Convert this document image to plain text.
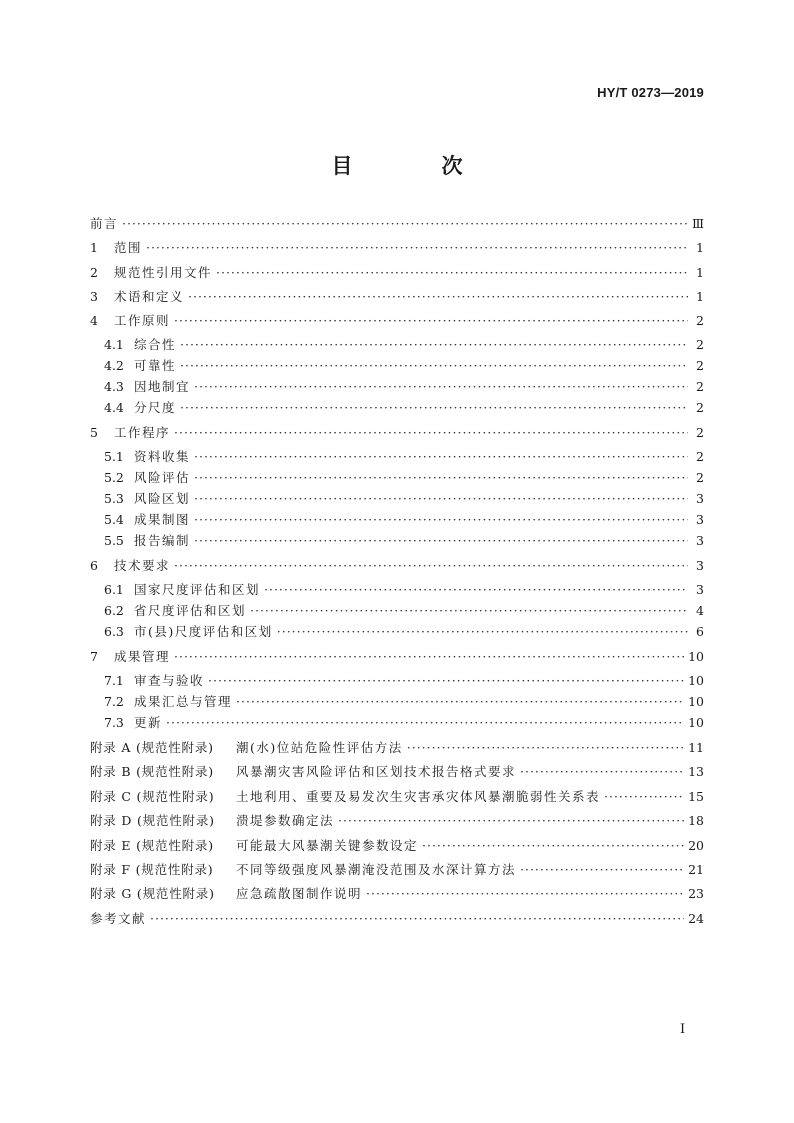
HY/T 0273—2019
目　次
前言 ·····	Ⅲ
1	范围 ·····	1
2	规范性引用文件 ·····	1
3	术语和定义 ·····	1
4	工作原则 ·····	2
4.1 综合性 ·····	2
4.2 可靠性 ·····	2
4.3 因地制宜 ·····	2
4.4 分尺度 ·····	2
5	工作程序 ·····	2
5.1 资料收集 ·····	2
5.2 风险评估 ·····	2
5.3 风险区划 ·····	3
5.4 成果制图 ·····	3
5.5 报告编制 ·····	3
6	技术要求 ·····	3
6.1 国家尺度评估和区划 ·····	3
6.2 省尺度评估和区划 ·····	4
6.3 市(县)尺度评估和区划 ·····	6
7	成果管理 ·····	10
7.1 审查与验收 ·····	10
7.2 成果汇总与管理 ·····	10
7.3 更新 ·····	10
附录 A (规范性附录)	潮(水)位站危险性评估方法 ·····	11
附录 B (规范性附录)	风暴潮灾害风险评估和区划技术报告格式要求 ·····	13
附录 C (规范性附录)	土地利用、重要及易发次生灾害承灾体风暴潮脆弱性关系表 ·····	15
附录 D (规范性附录)	溃堤参数确定法 ·····	18
附录 E (规范性附录)	可能最大风暴潮关键参数设定 ·····	20
附录 F (规范性附录)	不同等级强度风暴潮淹没范围及水深计算方法 ·····	21
附录 G (规范性附录)	应急疏散图制作说明 ·····	23
参考文献 ·····	24
I
